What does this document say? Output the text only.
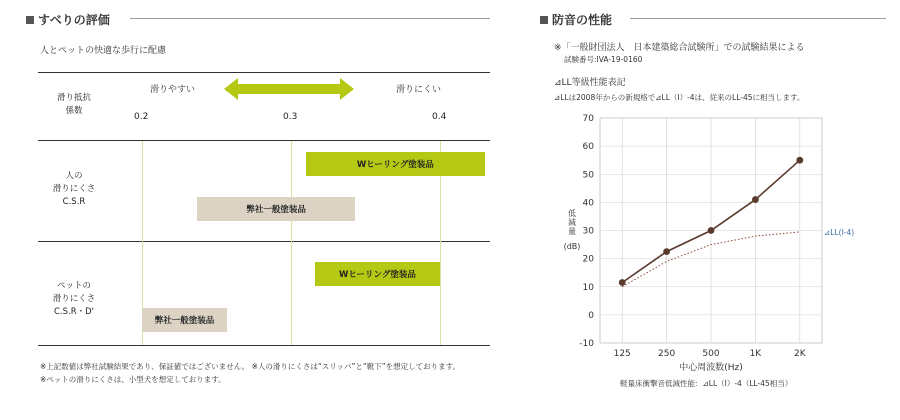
すべりの評価
人とペットの快適な歩行に配慮
滑り抵抗
係数
滑りやすい	滑りにくい
0.2	0.3	0.4
人の
滑りにくさ
C.S.R
ペットの
滑りにくさ
C.S.R・D'
Wヒーリング塗装品
弊社一般塗装品
Wヒーリング塗装品
弊社一般塗装品
※上記数値は弊社試験結果であり、保証値ではございません。 ※人の滑りにくさは“スリッパ”と“靴下”を想定しております。
※ペットの滑りにくさは、小型犬を想定しております。
防音の性能
※「一般財団法人　日本建築総合試験所」での試験結果による
試験番号:IVA-19-0160
⊿LL等級性能表記
⊿LLは2008年からの新規格で⊿LL（I）-4は、従来のLL-45に相当します。
-10
0
10
20
30
40
50
60
70
125	250	500	1K	2K
中心周波数(Hz)
低
減
量
(dB)
⊿LL(I-4)
軽量床衝撃音低減性能：⊿LL（I）-4（LL-45相当）
